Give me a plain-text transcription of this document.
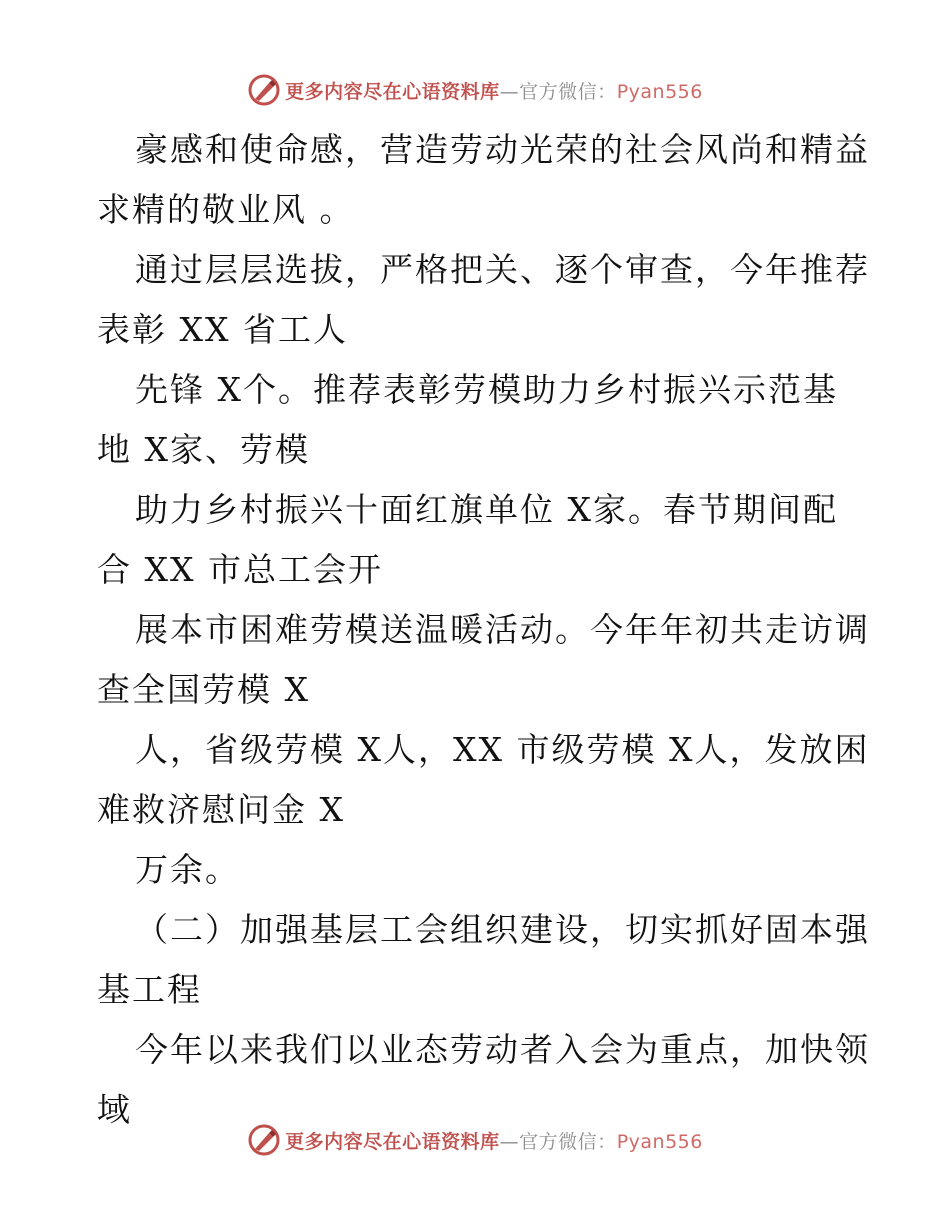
更多内容尽在心语资料库—官方微信：Pyan556
豪感和使命感，营造劳动光荣的社会风尚和精益
求精的敬业风 。
通过层层选拔，严格把关、逐个审查，今年推荐
表彰 XX 省工人
先锋 X个。推荐表彰劳模助力乡村振兴示范基
地 X家、劳模
助力乡村振兴十面红旗单位 X家。春节期间配
合 XX 市总工会开
展本市困难劳模送温暖活动。今年年初共走访调
查全国劳模 X
人，省级劳模 X人，XX 市级劳模 X人，发放困
难救济慰问金 X
万余。
（二）加强基层工会组织建设，切实抓好固本强
基工程
今年以来我们以业态劳动者入会为重点，加快领
域
更多内容尽在心语资料库—官方微信：Pyan556
